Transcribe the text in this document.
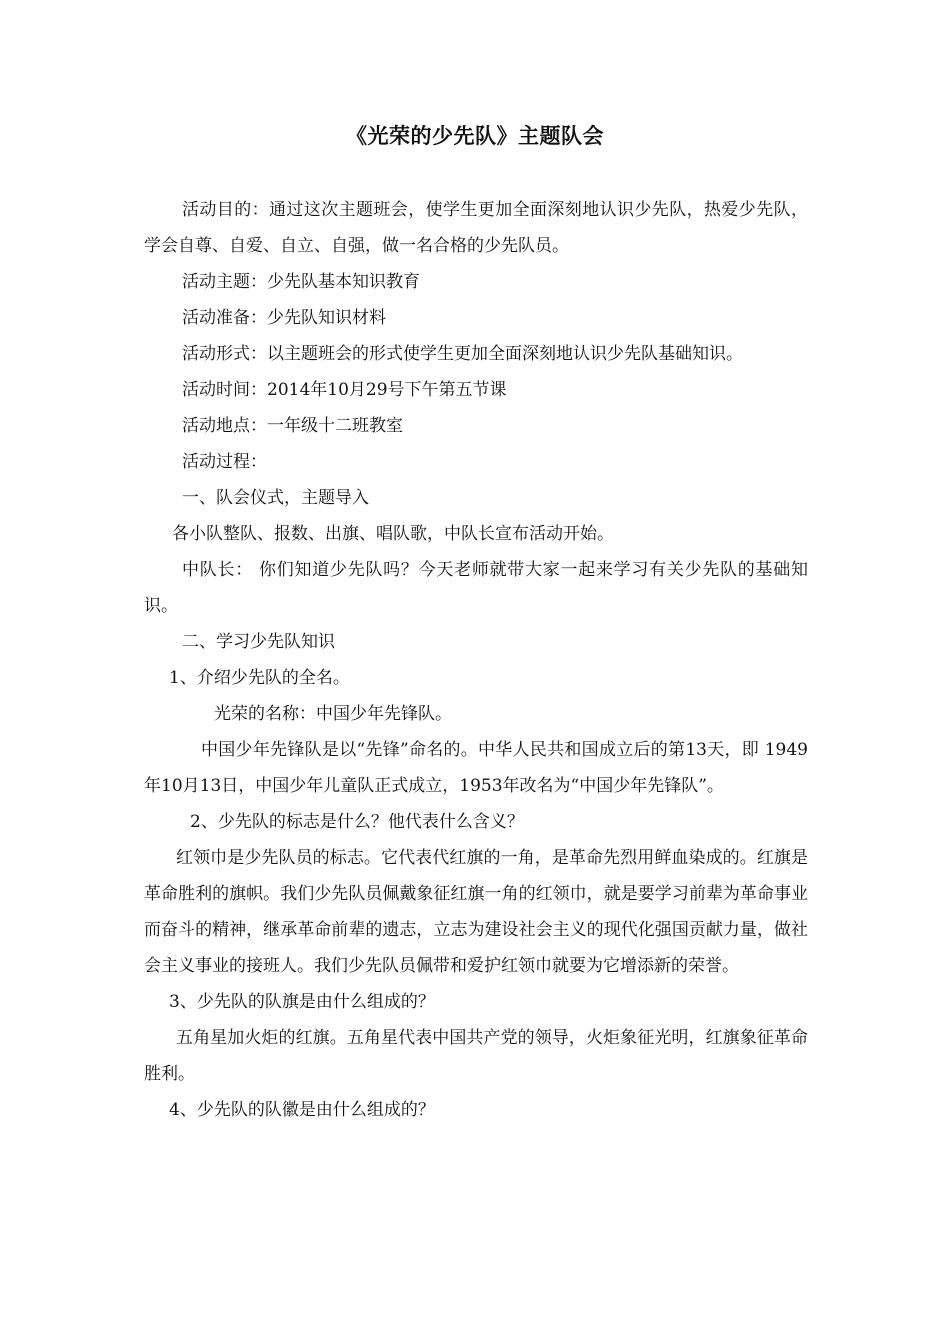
《光荣的少先队》主题队会

活动目的：通过这次主题班会，使学生更加全面深刻地认识少先队，热爱少先队，学会自尊、自爱、自立、自强，做一名合格的少先队员。

活动主题：少先队基本知识教育

活动准备：少先队知识材料

活动形式：以主题班会的形式使学生更加全面深刻地认识少先队基础知识。

活动时间：2014年10月29号下午第五节课

活动地点：一年级十二班教室

活动过程：

一、队会仪式，主题导入

各小队整队、报数、出旗、唱队歌，中队长宣布活动开始。

中队长： 你们知道少先队吗？今天老师就带大家一起来学习有关少先队的基础知识。

二、学习少先队知识

1、介绍少先队的全名。

光荣的名称：中国少年先锋队。

中国少年先锋队是以“先锋”命名的。中华人民共和国成立后的第13天，即 1949年10月13日，中国少年儿童队正式成立，1953年改名为“中国少年先锋队”。

2、少先队的标志是什么？他代表什么含义？

红领巾是少先队员的标志。它代表代红旗的一角，是革命先烈用鲜血染成的。红旗是革命胜利的旗帜。我们少先队员佩戴象征红旗一角的红领巾，就是要学习前辈为革命事业而奋斗的精神，继承革命前辈的遗志，立志为建设社会主义的现代化强国贡献力量，做社会主义事业的接班人。我们少先队员佩带和爱护红领巾就要为它增添新的荣誉。

3、少先队的队旗是由什么组成的？

五角星加火炬的红旗。五角星代表中国共产党的领导，火炬象征光明，红旗象征革命胜利。

4、少先队的队徽是由什么组成的？
